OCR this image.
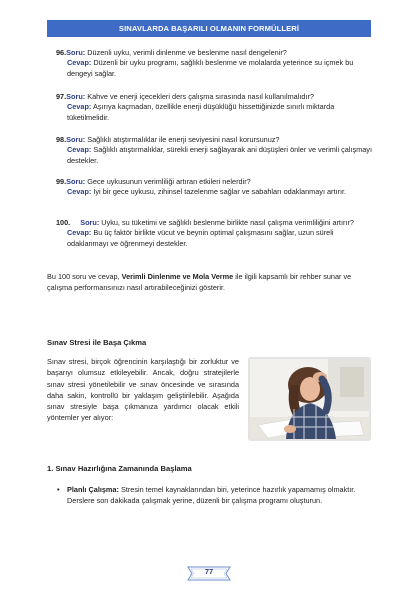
SINAVLARDA BAŞARILI OLMANIN FORMÜLLERİ
96.Soru: Düzenli uyku, verimli dinlenme ve beslenme nasıl dengelenir?
Cevap: Düzenli bir uyku programı, sağlıklı beslenme ve molalarda yeterince su içmek bu dengeyi sağlar.
97.Soru: Kahve ve enerji içecekleri ders çalışma sırasında nasıl kullanılmalıdır?
Cevap: Aşırıya kaçmadan, özellikle enerji düşüklüğü hissettiğinizde sınırlı miktarda tüketilmelidir.
98.Soru: Sağlıklı atıştırmalıklar ile enerji seviyesini nasıl korursunuz?
Cevap: Sağlıklı atıştırmalıklar, sürekli enerji sağlayarak ani düşüşleri önler ve verimli çalışmayı destekler.
99.Soru: Gece uykusunun verimliliği artıran etkileri nelerdir?
Cevap: İyi bir gece uykusu, zihinsel tazelenme sağlar ve sabahları odaklanmayı artırır.
100. Soru: Uyku, su tüketimi ve sağlıklı beslenme birlikte nasıl çalışma verimliliğini artırır?
Cevap: Bu üç faktör birlikte vücut ve beynin optimal çalışmasını sağlar, uzun süreli odaklanmayı ve öğrenmeyi destekler.

Bu 100 soru ve cevap, Verimli Dinlenme ve Mola Verme ile ilgili kapsamlı bir rehber sunar ve çalışma performansınızı nasıl artırabileceğinizi gösterir.

Sınav Stresi ile Başa Çıkma

Sınav stresi, birçok öğrencinin karşılaştığı bir zorluktur ve başarıyı olumsuz etkileyebilir. Ancak, doğru stratejilerle sınav stresi yönetilebilir ve sınav öncesinde ve sırasında daha sakin, kontrollü bir yaklaşım geliştirilebilir. Aşağıda sınav stresiyle başa çıkmanıza yardımcı olacak etkili yöntemler yer alıyor:

1. Sınav Hazırlığına Zamanında Başlama

• Planlı Çalışma: Stresin temel kaynaklarından biri, yeterince hazırlık yapamamış olmaktır. Derslere son dakikada çalışmak yerine, düzenli bir çalışma programı oluşturun.

77
